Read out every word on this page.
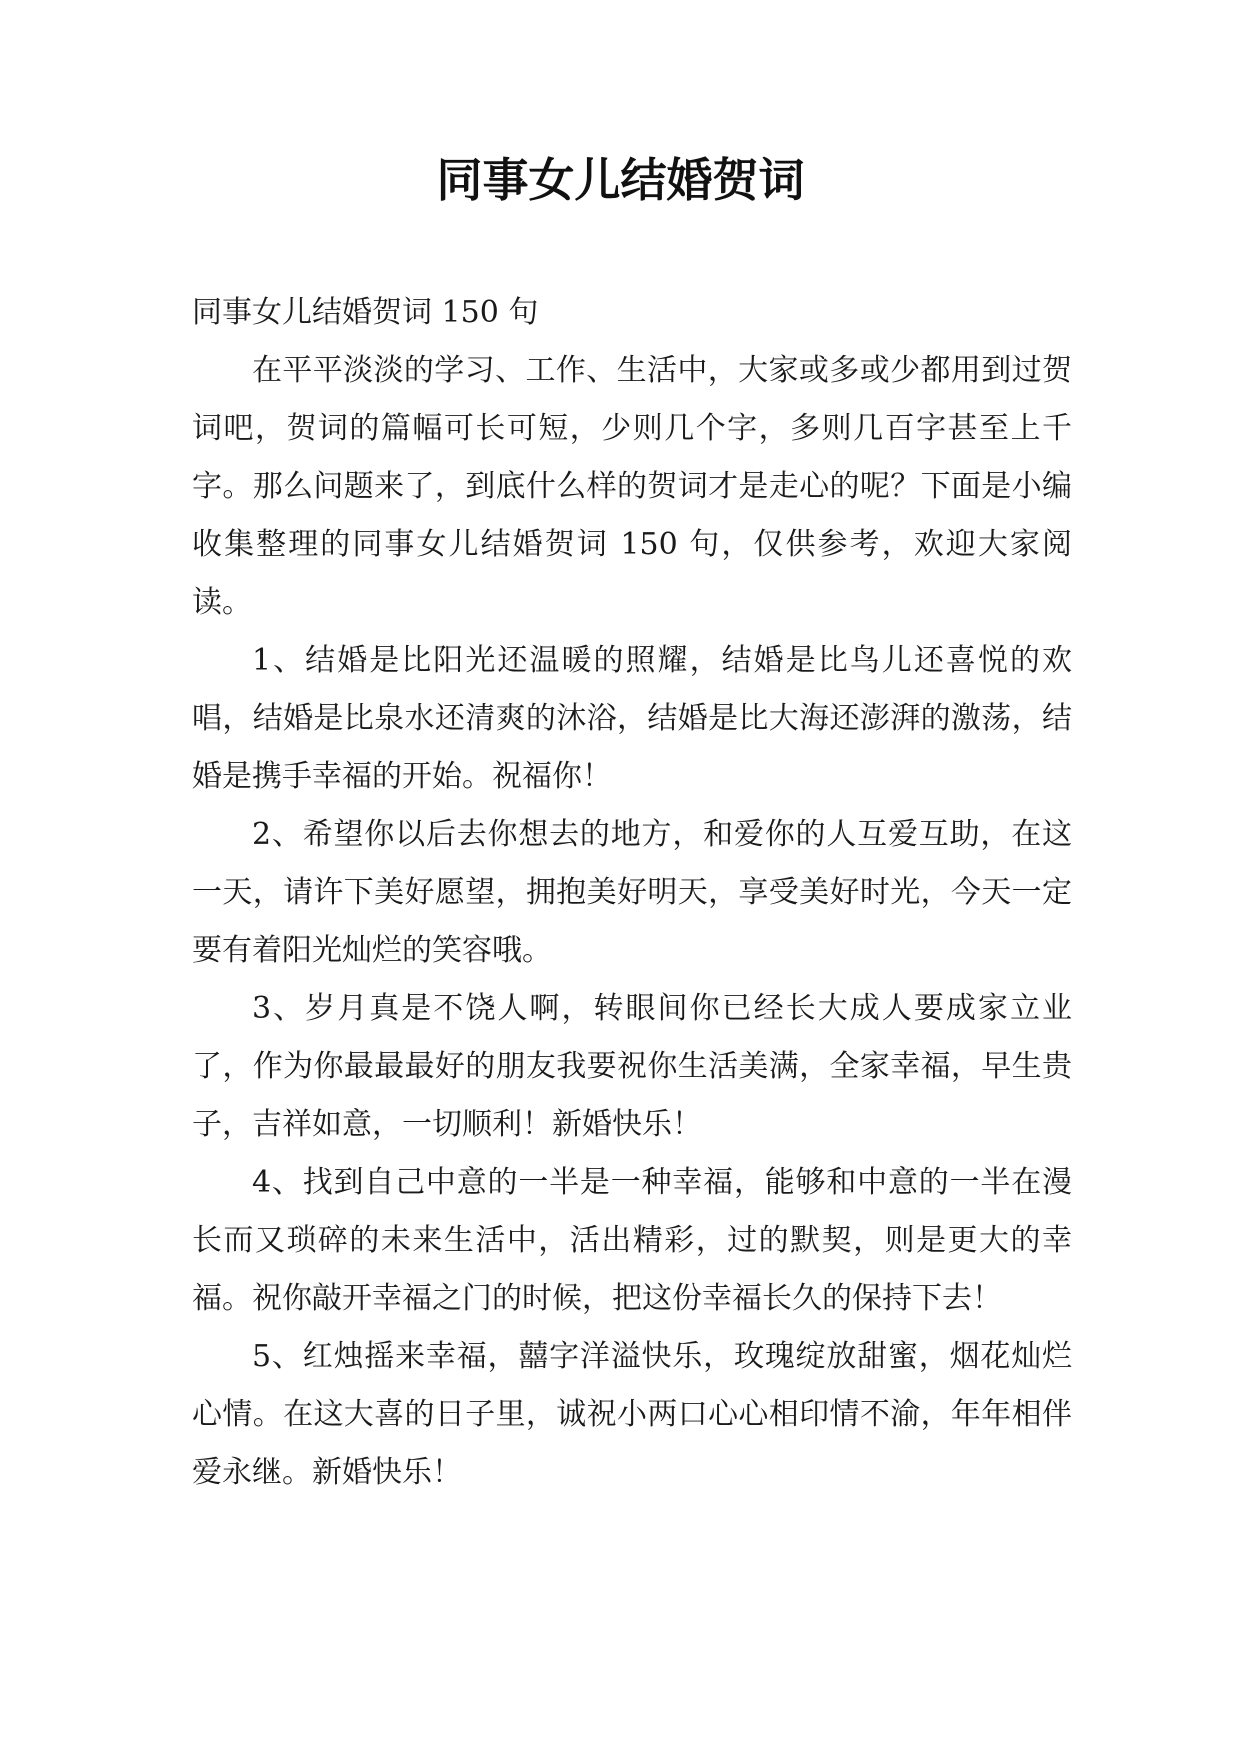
同事女儿结婚贺词

同事女儿结婚贺词 150 句

在平平淡淡的学习、工作、生活中，大家或多或少都用到过贺词吧，贺词的篇幅可长可短，少则几个字，多则几百字甚至上千字。那么问题来了，到底什么样的贺词才是走心的呢？下面是小编收集整理的同事女儿结婚贺词 150 句，仅供参考，欢迎大家阅读。

1、结婚是比阳光还温暖的照耀，结婚是比鸟儿还喜悦的欢唱，结婚是比泉水还清爽的沐浴，结婚是比大海还澎湃的激荡，结婚是携手幸福的开始。祝福你！

2、希望你以后去你想去的地方，和爱你的人互爱互助，在这一天，请许下美好愿望，拥抱美好明天，享受美好时光，今天一定要有着阳光灿烂的笑容哦。

3、岁月真是不饶人啊，转眼间你已经长大成人要成家立业了，作为你最最最好的朋友我要祝你生活美满，全家幸福，早生贵子，吉祥如意，一切顺利！新婚快乐！

4、找到自己中意的一半是一种幸福，能够和中意的一半在漫长而又琐碎的未来生活中，活出精彩，过的默契，则是更大的幸福。祝你敲开幸福之门的时候，把这份幸福长久的保持下去！

5、红烛摇来幸福，囍字洋溢快乐，玫瑰绽放甜蜜，烟花灿烂心情。在这大喜的日子里，诚祝小两口心心相印情不渝，年年相伴爱永继。新婚快乐！
